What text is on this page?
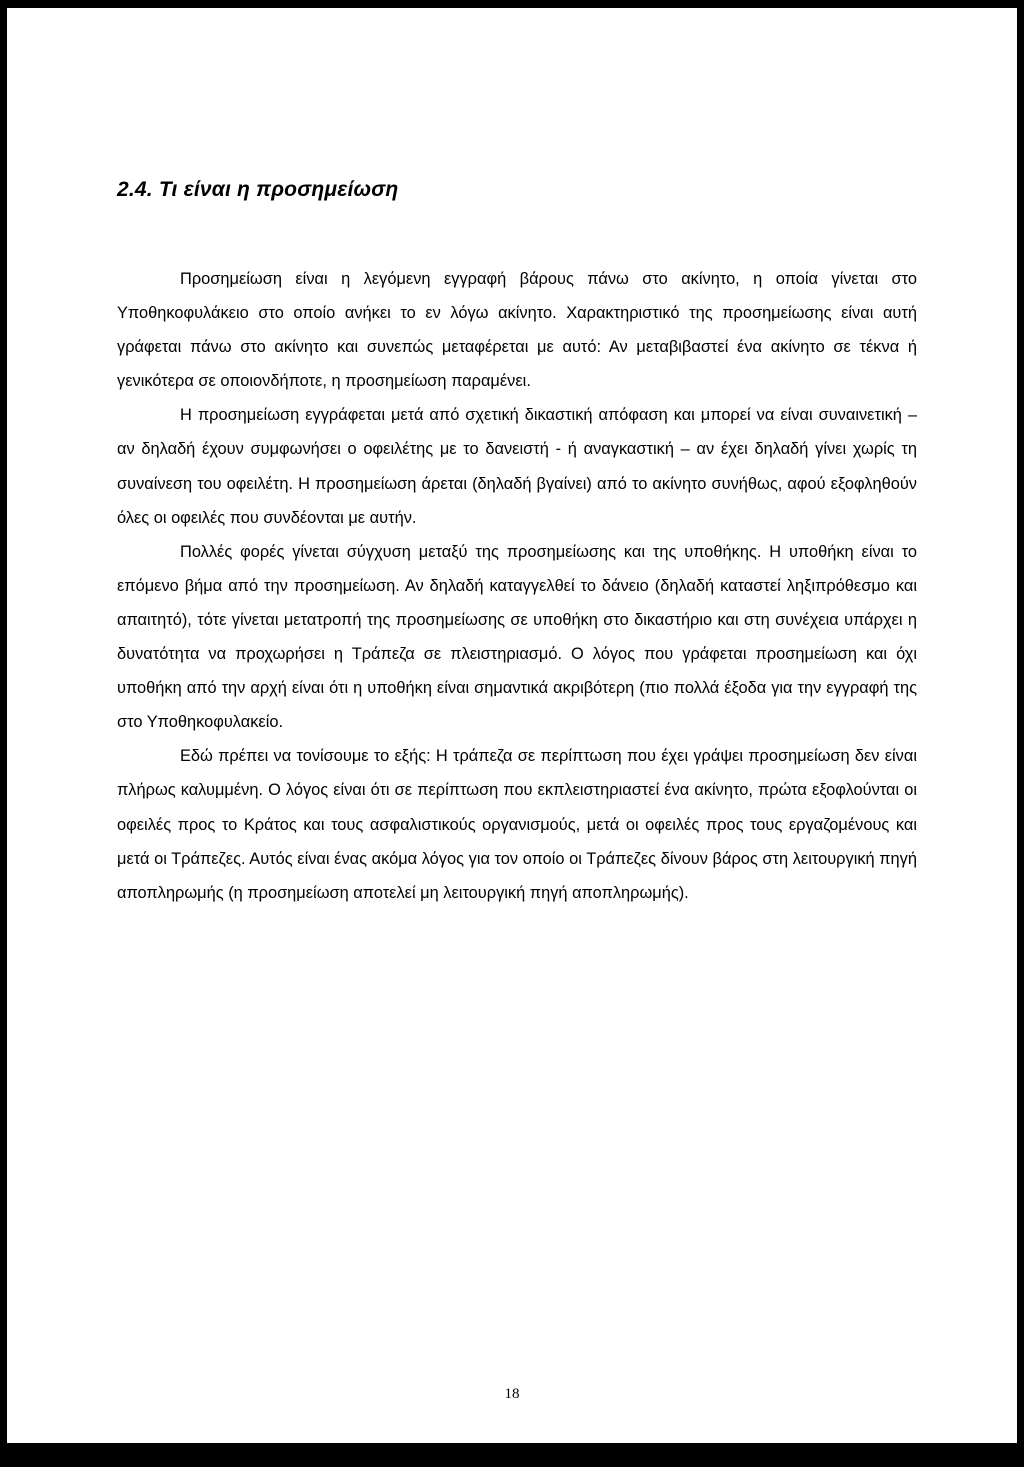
2.4. Τι είναι η προσημείωση

Προσημείωση είναι η λεγόμενη εγγραφή βάρους πάνω στο ακίνητο, η οποία γίνεται στο Υποθηκοφυλάκειο στο οποίο ανήκει το εν λόγω ακίνητο. Χαρακτηριστικό της προσημείωσης είναι αυτή γράφεται πάνω στο ακίνητο και συνεπώς μεταφέρεται με αυτό: Αν μεταβιβαστεί ένα ακίνητο σε τέκνα ή γενικότερα σε οποιονδήποτε, η προσημείωση παραμένει.

Η προσημείωση εγγράφεται μετά από σχετική δικαστική απόφαση και μπορεί να είναι συναινετική – αν δηλαδή έχουν συμφωνήσει ο οφειλέτης με το δανειστή - ή αναγκαστική – αν έχει δηλαδή γίνει χωρίς τη συναίνεση του οφειλέτη. Η προσημείωση άρεται (δηλαδή βγαίνει) από το ακίνητο συνήθως, αφού εξοφληθούν όλες οι οφειλές που συνδέονται με αυτήν.

Πολλές φορές γίνεται σύγχυση μεταξύ της προσημείωσης και της υποθήκης. Η υποθήκη είναι το επόμενο βήμα από την προσημείωση. Αν δηλαδή καταγγελθεί το δάνειο (δηλαδή καταστεί ληξιπρόθεσμο και απαιτητό), τότε γίνεται μετατροπή της προσημείωσης σε υποθήκη στο δικαστήριο και στη συνέχεια υπάρχει η δυνατότητα να προχωρήσει η Τράπεζα σε πλειστηριασμό. Ο λόγος που γράφεται προσημείωση και όχι υποθήκη από την αρχή είναι ότι η υποθήκη είναι σημαντικά ακριβότερη (πιο πολλά έξοδα για την εγγραφή της στο Υποθηκοφυλακείο.

Εδώ πρέπει να τονίσουμε το εξής: Η τράπεζα σε περίπτωση που έχει γράψει προσημείωση δεν είναι πλήρως καλυμμένη. Ο λόγος είναι ότι σε περίπτωση που εκπλειστηριαστεί ένα ακίνητο, πρώτα εξοφλούνται οι οφειλές προς το Κράτος και τους ασφαλιστικούς οργανισμούς, μετά οι οφειλές προς τους εργαζομένους και μετά οι Τράπεζες. Αυτός είναι ένας ακόμα λόγος για τον οποίο οι Τράπεζες δίνουν βάρος στη λειτουργική πηγή αποπληρωμής (η προσημείωση αποτελεί μη λειτουργική πηγή αποπληρωμής).

18
